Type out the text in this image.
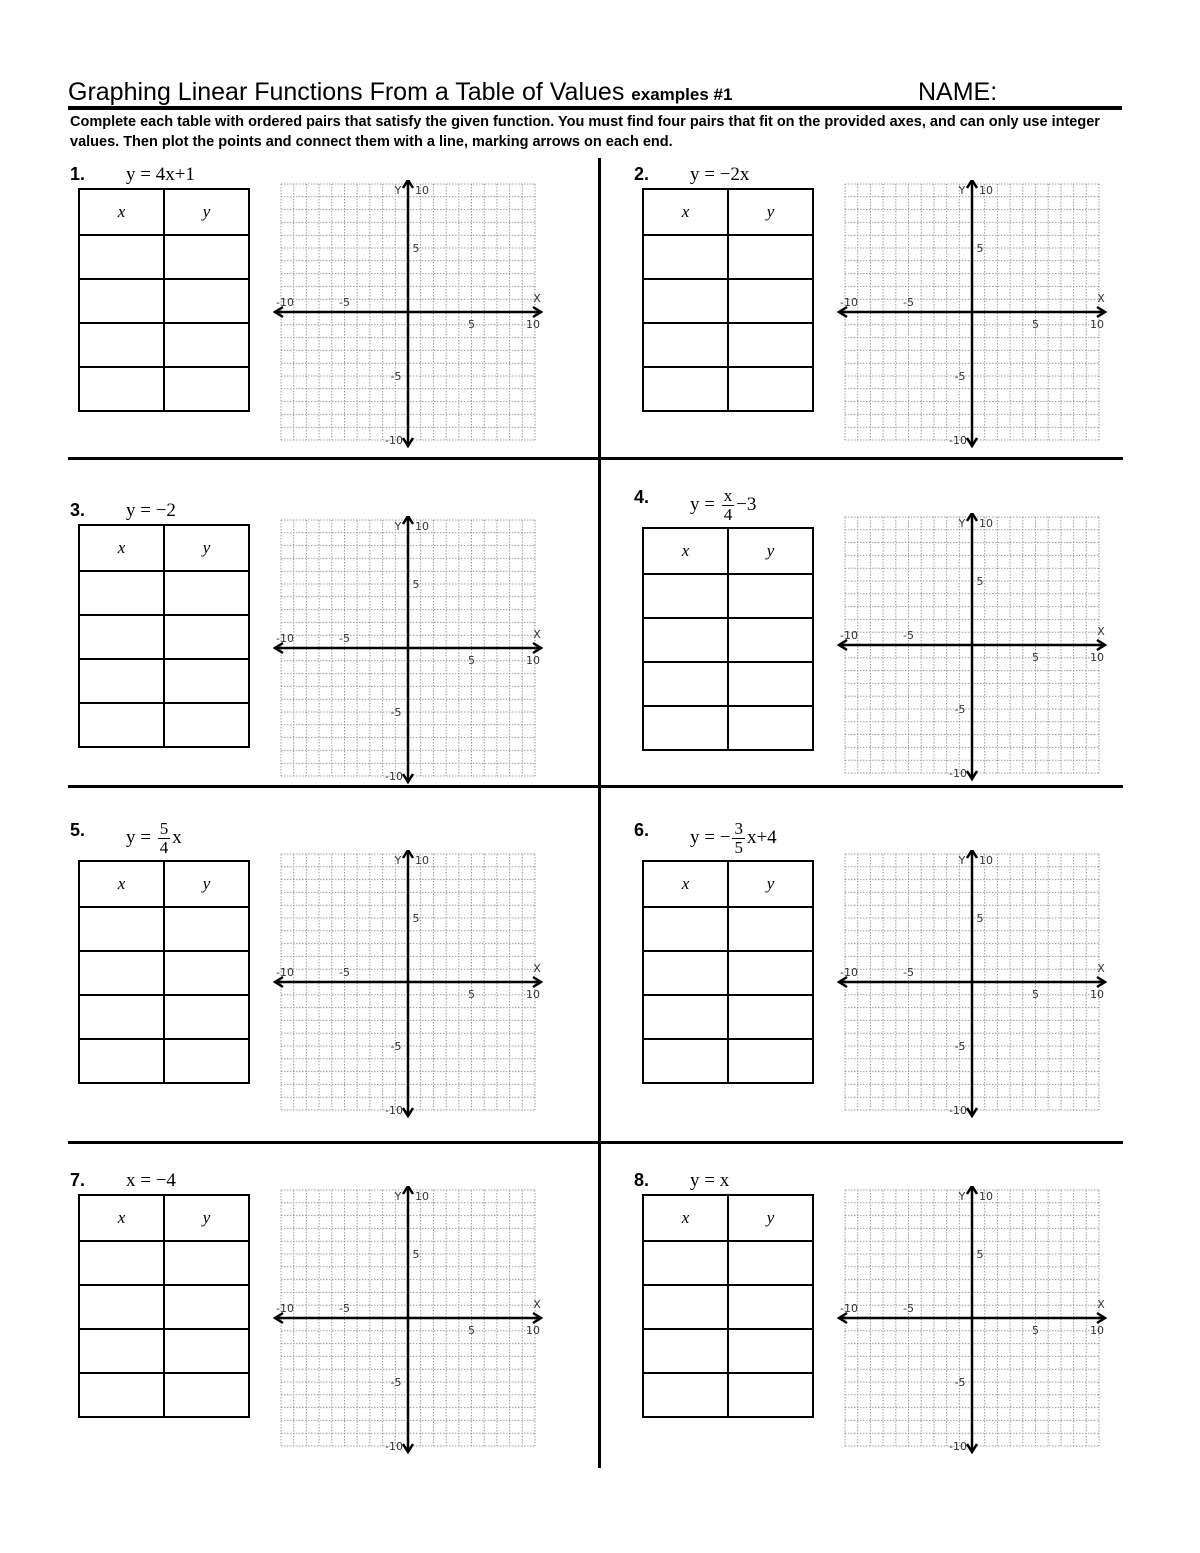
Graphing Linear Functions From a Table of Values examples #1	NAME:
Complete each table with ordered pairs that satisfy the given function. You must find four pairs that fit on the provided axes, and can only use integer values. Then plot the points and connect them with a line, marking arrows on each end.
1. y = 4x+1
x	y

-10	-5
5	10
10
5
-5
-10
X
Y
2. y = −2x
x	y

-10	-5
5	10
10
5
-5
-10
X
Y
3. y = −2
x	y

-10	-5
5	10
10
5
-5
-10
X
Y
4. $y = \frac{x}{4} -3$
x	y

-10	-5
5	10
10
5
-5
-10
X
Y
5. $y = \frac{5}{4}$ x
x	y

-10	-5
5	10
10
5
-5
-10
X
Y
6. y = − $\frac{3}{5} x+4$
x	y

-10	-5
5	10
10
5
-5
-10
X
Y
7. x = −4
x	y

-10	-5
5	10
10
5
-5
-10
X
Y
8. y = x
x	y

-10	-5
5	10
10
5
-5
-10
X
Y
